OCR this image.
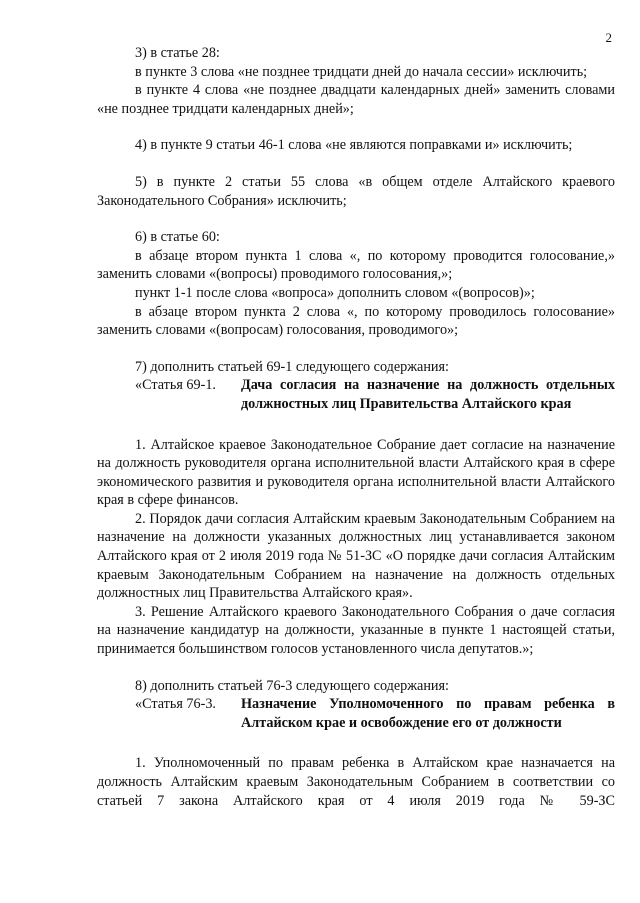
2

3) в статье 28:

в пункте 3 слова «не позднее тридцати дней до начала сессии» исключить;

в пункте 4 слова «не позднее двадцати календарных дней» заменить словами «не позднее тридцати календарных дней»;

4) в пункте 9 статьи 46-1 слова «не являются поправками и» исключить;

5) в пункте 2 статьи 55 слова «в общем отделе Алтайского краевого Законодательного Собрания» исключить;

6) в статье 60:

в абзаце втором пункта 1 слова «, по которому проводится голосование,» заменить словами «(вопросы) проводимого голосования,»;

пункт 1-1 после слова «вопроса» дополнить словом «(вопросов)»;

в абзаце втором пункта 2 слова «, по которому проводилось голосование» заменить словами «(вопросам) голосования, проводимого»;

7) дополнить статьей 69-1 следующего содержания:

«Статья 69-1.	Дача согласия на назначение на должность отдельных должностных лиц Правительства Алтайского края

1. Алтайское краевое Законодательное Собрание дает согласие на назначение на должность руководителя органа исполнительной власти Алтайского края в сфере экономического развития и руководителя органа исполнительной власти Алтайского края в сфере финансов.

2. Порядок дачи согласия Алтайским краевым Законодательным Собранием на назначение на должности указанных должностных лиц устанавливается законом Алтайского края от 2 июля 2019 года № 51-ЗС «О порядке дачи согласия Алтайским краевым Законодательным Собранием на назначение на должность отдельных должностных лиц Правительства Алтайского края».

3. Решение Алтайского краевого Законодательного Собрания о даче согласия на назначение кандидатур на должности, указанные в пункте 1 настоящей статьи, принимается большинством голосов установленного числа депутатов.»;

8) дополнить статьей 76-3 следующего содержания:

«Статья 76-3.	Назначение Уполномоченного по правам ребенка в Алтайском крае и освобождение его от должности

1. Уполномоченный по правам ребенка в Алтайском крае назначается на должность Алтайским краевым Законодательным Собранием в соответствии со статьей 7 закона Алтайского края от 4 июля 2019 года № 59-ЗС
